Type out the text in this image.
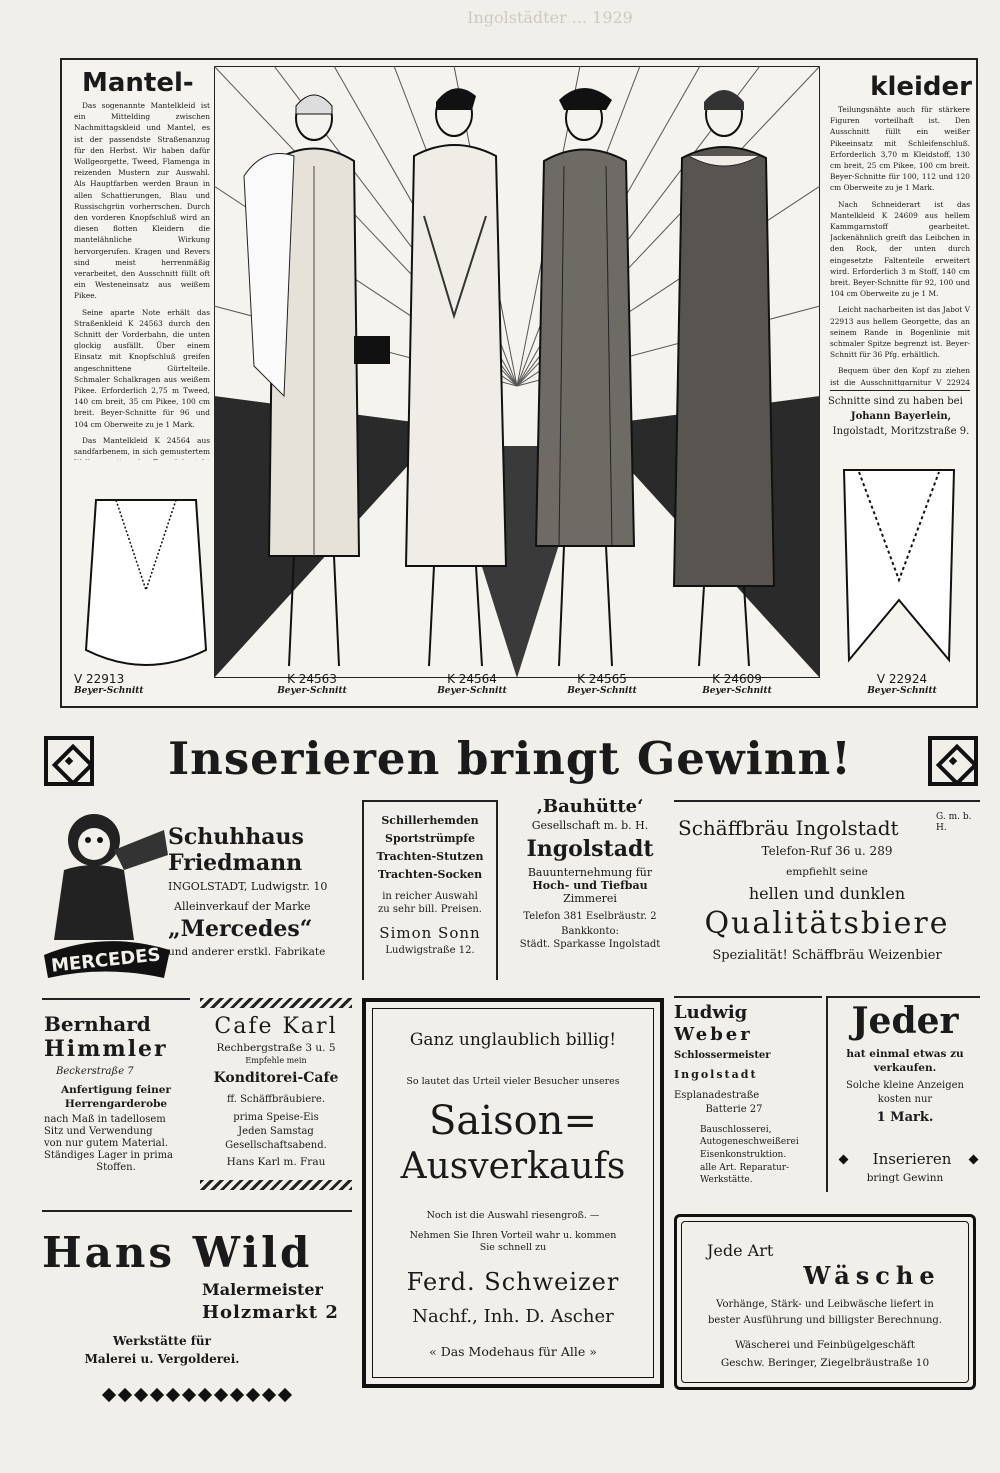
Ingolstädter ... 1929
Mantel-

Das sogenannte Mantelkleid ist ein Mittelding zwischen Nachmittagskleid und Mantel, es ist der passendste Straßenanzug für den Herbst. Wir haben dafür Wollgeorgette, Tweed, Flamenga in reizenden Mustern zur Auswahl. Als Hauptfarben werden Braun in allen Schattierungen, Blau und Russischgrün vorherrschen. Durch den vorderen Knopfschluß wird an diesen flotten Kleidern die mantelähnliche Wirkung hervorgerufen. Kragen und Revers sind meist herrenmäßig verarbeitet, den Ausschnitt füllt oft ein Westeneinsatz aus weißem Pikee.

Seine aparte Note erhält das Straßenkleid K 24563 durch den Schnitt der Vorderbahn, die unten glockig ausfällt. Über einem Einsatz mit Knopfschluß greifen angeschnittene Gürtelteile. Schmaler Schalkragen aus weißem Pikee. Erforderlich 2,75 m Tweed, 140 cm breit, 35 cm Pikee, 100 cm breit. Beyer-Schnitte für 96 und 104 cm Oberweite zu je 1 Mark.

Das Mantelkleid K 24564 aus sandfarbenem, in sich gemustertem

kleider

Teilungsnähte auch für stärkere Figuren vorteilhaft ist. Den Ausschnitt füllt ein weißer Pikeeinsatz mit Schleifenschluß. Erforderlich 3,70 m Kleidstoff, 130 cm breit, 25 cm Pikee, 100 cm breit. Beyer-Schnitte für 100, 112 und 120 cm Oberweite zu je 1 Mark.

Nach Schneiderart ist das Mantelkleid K 24609 aus hellem Kammgarnstoff gearbeitet. Jackenähnlich greift das Leibchen in den Rock, der unten durch eingesetzte Faltenteile erweitert wird. Erforderlich 3 m Stoff, 140 cm breit. Beyer-Schnitte für 92, 100 und 104 cm Oberweite zu je 1 M.

Leicht nacharbeiten ist das Jabot V 22913 aus hellem Georgette, das an seinem Rande in Bogenlinie mit schmaler Spitze begrenzt ist. Beyer-Schnitt für 36 Pfg. erhältlich.

Bequem über den Kopf zu ziehen ist die Ausschnittgarnitur V 22924

Schnitte sind zu haben bei
Johann Bayerlein,
Ingolstadt, Moritzstraße 9.
V 22913
Beyer-Schnitt
K 24563
Beyer-Schnitt
K 24564
Beyer-Schnitt
K 24565
Beyer-Schnitt
K 24609
Beyer-Schnitt
V 22924
Beyer-Schnitt
Inserieren bringt Gewinn!
MERCEDES
Schuhhaus
Friedmann
INGOLSTADT, Ludwigstr. 10
Alleinverkauf der Marke
„Mercedes“
und anderer erstkl. Fabrikate
Schillerhemden
Sportstrümpfe
Trachten-Stutzen
Trachten-Socken
in reicher Auswahl
zu sehr bill. Preisen.
Simon Sonn
Ludwigstraße 12.
‚Bauhütte‘
Gesellschaft m. b. H.
Ingolstadt
Bauunternehmung für
Hoch- und Tiefbau
Zimmerei
Telefon 381 Eselbräustr. 2
Bankkonto:
Städt. Sparkasse Ingolstadt
Schäffbräu Ingolstadt	G. m. b. H.
Telefon-Ruf 36 u. 289
empfiehlt seine
hellen und dunklen
Qualitätsbiere
Spezialität! Schäffbräu Weizenbier
Bernhard
Himmler
Beckerstraße 7
Anfertigung feiner
Herrengarderobe
nach Maß in tadellosem
Sitz und Verwendung
von nur gutem Material.
Ständiges Lager in prima
Stoffen.
Cafe Karl
Rechbergstraße 3 u. 5
Empfehle mein
Konditorei-Cafe
ff. Schäffbräubiere.
prima Speise-Eis
Jeden Samstag
Gesellschaftsabend.
Hans Karl m. Frau
Ganz unglaublich billig!
So lautet das Urteil vieler Besucher unseres
Saison=
Ausverkaufs
Noch ist die Auswahl riesengroß. —
Nehmen Sie Ihren Vorteil wahr u. kommen
Sie schnell zu
Ferd. Schweizer
Nachf., Inh. D. Ascher
« Das Modehaus für Alle »
Ludwig
Weber
Schlossermeister
Ingolstadt
Esplanadestraße
Batterie 27
Bauschlosserei, Autogeneschweißerei
Eisenkonstruktion.
alle Art. Reparatur-Werkstätte.
Jeder
hat einmal etwas zu
verkaufen.
Solche kleine Anzeigen
kosten nur
1 Mark.
Inserieren
bringt Gewinn
Hans Wild
Malermeister
Holzmarkt 2
Werkstätte für
Malerei u. Vergolderei.
Jede Art
Wäsche
Vorhänge, Stärk- und Leibwäsche liefert in
bester Ausführung und billigster Berechnung.
Wäscherei und Feinbügelgeschäft
Geschw. Beringer, Ziegelbräustraße 10
